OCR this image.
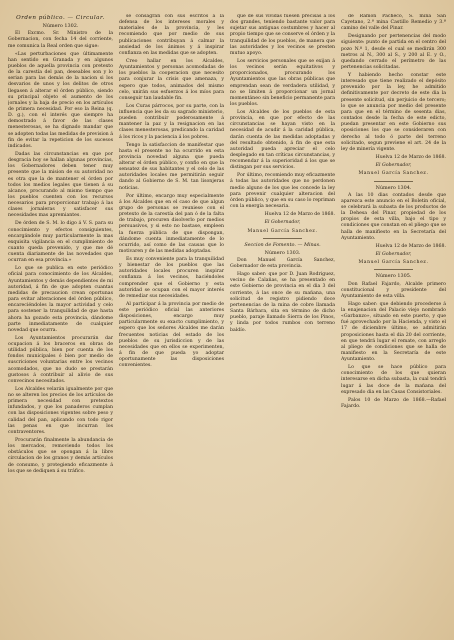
Orden público. — Circular.

Número 1302.

El Excmo. Sr. Ministro de la Gobernacion, con fecha 14 del corriente, me comunica la Real orden que sigue:

«Las perturbaciones que últimamente han sentido en Granada y en algunos pueblos de aquella provincia con pretexto de la carestía del pan, deseables son y lo serian para las demás de la nacion si los desvarios de unos y los delitos de otros llegasen á alterar el órden público, siendo su principal objeto el aumento de los jornales y la baja de precio en los artículos de primera necesidad. Por eso la Reina (q. D. g.), con el interés que siempre ha demostrado á favor de las clases menesterosas, se ha dignado mandar que se adopten todas las medidas de prevision á fin de evitar la repeticion de los sucesos indicados.

Dadas las circunstancias en que por desgracia hoy se hallan algunas provincias, los Gobernadores deben tener muy presente que la mision de su autoridad no es otra que la de mantener el órden por todos los medios legales que tienen á su alcance, procurando al mismo tiempo que los pueblos cuenten con los recursos necesarios para proporcionar trabajo á las clases jornaleras y satisfacer sus necesidades mas apremiantes.

De órden de S. M. lo digo á V. S. para su conocimiento y efectos consiguientes, encargándole muy particularmente la mas exquisita vigilancia en el cumplimiento de cuanto queda prevenido, y que me dé cuenta diariamente de las novedades que ocurran en esa provincia.»

Lo que se publica en este periódico oficial para conocimiento de los Alcaldes, Ayuntamientos y demás dependientes de mi autoridad, á fin de que adopten cuantas medidas de precaucion crean oportunas para evitar alteraciones del órden público, encareciéndoles la mayor actividad y celo para sostener la tranquilidad de que hasta ahora ha gozado esta provincia, dándome parte inmediatamente de cualquier novedad que ocurra.

Los Ayuntamientos procurarán dar ocupacion á los braceros en obras de utilidad pública, bien por cuenta de los fondos municipales ó bien por medio de suscriciones voluntarias entre los vecinos acomodados, que no dudo se prestarán gustosos á contribuir al alivio de sus convecinos necesitados.

Los Alcaldes velarán igualmente por que no se alteren los precios de los artículos de primera necesidad con pretextos infundados, y que los panaderos cumplan con las disposiciones vigentes sobre peso y calidad del pan, aplicando con todo rigor las penas en que incurran los contraventores.

Procurarán finalmente la abundancia de los mercados, removiendo todos los obstáculos que se opongan á la libre circulacion de los granos y demás artículos de consumo, y protegiendo eficazmente á los que se dediquen á su tráfico.

se consagran con sus escritos á la defensa de los intereses morales y materiales de la provincia, y les recomiendo que por medio de sus publicaciones contribuyan á calmar la ansiedad de los ánimos y á inspirar confianza en las medidas que se adopten.

Creo hallar en los Alcaldes, Ayuntamientos y personas acomodadas de los pueblos la cooperacion que necesito para conjurar la crisis que amenaza, y espero que todos, animados del mismo celo, unirán sus esfuerzos á los míos para conseguir tan laudable fin.

Los Curas párrocos, por su parte, con la influencia que les da su sagrado ministerio, pueden contribuir poderosamente á mantener la paz y la resignacion en las clases menesterosas, predicando la caridad á los ricos y la paciencia á los pobres.

Tengo la satisfaccion de manifestar que hasta el presente no ha ocurrido en esta provincia novedad alguna que pueda alterar el órden público, y confio en que la sensatez de sus habitantes y el celo de las autoridades locales me permitirán seguir dando al Gobierno de S. M. tan lisonjeras noticias.

Por último, encargo muy especialmente á los Alcaldes que en el caso de que algun grupo de personas se reuniese con el pretexto de la carestía del pan ó de la falta de trabajo, procuren disolverlo por medios persuasivos, y si esto no bastase, empleen la fuerza pública de que dispongan, dándome cuenta inmediatamente de lo ocurrido, así como de las causas que lo motivaren y de las medidas adoptadas.

Es muy conveniente para la tranquilidad y bienestar de los pueblos que las autoridades locales procuren inspirar confianza á los vecinos, haciéndoles comprender que el Gobierno y esta autoridad se ocupan con el mayor interés de remediar sus necesidades.

Al participar á la provincia por medio de este periódico oficial las anteriores disposiciones, encargo muy particularmente su exacto cumplimiento, y espero que los señores Alcaldes me darán frecuentes noticias del estado de los pueblos de su jurisdiccion y de las necesidades que en ellos se experimenten, á fin de que pueda yo adoptar oportunamente las disposiciones convenientes.

que de sus vividas fuesen precisas á los dos grandes, teniendo bastante valor para sujetar sus antiguas costumbres y hacer al propio tiempo que se conserve el órden y la tranquilidad de los pueblos, de manera que las autoridades y los vecinos se presten mutuo apoyo.

Los servicios personales que se exijan á los vecinos serán equitativos y proporcionados, procurando los Ayuntamientos que las obras públicas que emprendan sean de verdadera utilidad, y no se limiten á proporcionar un jornal momentáneo sin beneficio permanente para los pueblos.

Los Alcaldes de los pueblos de esta provincia, en que por efecto de las circunstancias se hayan visto en la necesidad de acudir á la caridad pública, darán cuenta de las medidas adoptadas y del resultado obtenido, á fin de que esta autoridad pueda apreciar el celo desplegado en tan críticas circunstancias, y recomendar á la superioridad á los que se distingan por sus servicios.

Por último, recomiendo muy eficazmente á todas las autoridades que no perdonen medio alguno de los que les concede la ley para prevenir cualquier alteracion del órden público, y que en su caso lo repriman con la energía necesaria.

Huelva 12 de Marzo de 1868.

El Gobernador,

Manuel García Sanchez.

Seccion de Fomento. — Minas.

Número 1303.

Don Manuel García Sanchez, Gobernador de esta provincia.

Hago saber: que por D. Juan Rodriguez, vecino de Calañas, se ha presentado en este Gobierno de provincia en el dia 3 del corriente, á las once de su mañana, una solicitud de registro pidiendo doce pertenencias de la mina de cobre llamada Santa Bárbara, sita en término de dicho pueblo, paraje llamado Sierra de los Pinos, y linda por todos rumbos con terreno baldío.

de Ramon Pacheco, S. mina San Cayetano, 2.ª mina Castillo Remedio y 3.ª camino del valle del Pinar.

Designando por pertenencias del modo siguiente: punto de partida en el centro del pozo N.º 1, desde el cual se medirán 300 metros al N., 300 al S., y 200 al E. y O., quedando cerrado el perímetro de las pertenencias solicitadas.

Y habiendo hecho constar este interesado que tiene realizado el depósito prevenido por la ley, he admitido definitivamente por decreto de este dia la presente solicitud, sin perjuicio de tercero; lo que se anuncia por medio del presente para que en el término de sesenta dias, contados desde la fecha de este edicto, puedan presentar en este Gobierno sus oposiciones los que se consideraren con derecho al todo ó parte del terreno solicitado, segun previene el art. 24 de la ley de minería vigente.

Huelva 12 de Marzo de 1868.

El Gobernador,

Manuel García Sanchez.

Número 1304.

A las 10 dias contados desde que aparezca este anuncio en el Boletin oficial, se celebrará la subasta de los productos de la Dehesa del Pinar, propiedad de los propios de esta villa, bajo el tipo y condiciones que constan en el pliego que se halla de manifiesto en la Secretaría del Ayuntamiento.

Huelva 12 de Marzo de 1868.

El Gobernador,

Manuel García Sanchez.

Número 1305.

Don Rafael Fajardo, Alcalde primero constitucional y presidente del Ayuntamiento de esta villa.

Hago saber: que debiendo procederse á la enajenacion del Palacio viejo nombrado «Garbanzo», situado en este puerto, y que fué aprovechado por la Hacienda, y visto el 17 de diciembre último, se admitirán proposiciones hasta el dia 20 del corriente, en que tendrá lugar el remate, con arreglo al pliego de condiciones que se halla de manifiesto en la Secretaría de este Ayuntamiento.

Lo que se hace público para conocimiento de los que quieran interesarse en dicha subasta, la cual tendrá lugar á las doce de la mañana del expresado dia en las Casas Consistoriales.

Palos 10 de Marzo de 1868.—Rafael Fajardo.
